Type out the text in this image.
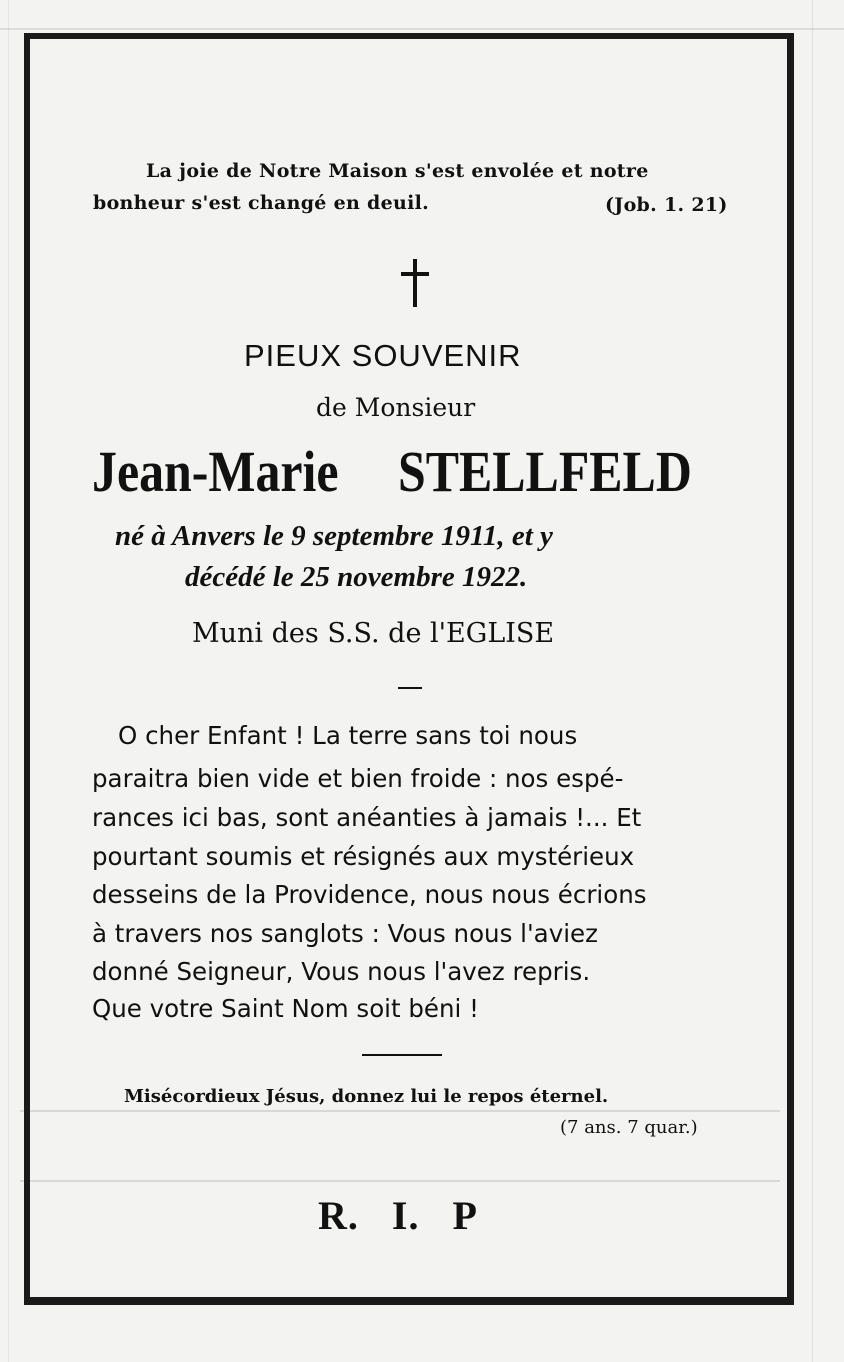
La joie de Notre Maison s'est envolée et notre

bonheur s'est changé en deuil.	(Job. 1. 21)

PIEUX SOUVENIR

de Monsieur

Jean-Marie STELLFELD

né à Anvers le 9 septembre 1911, et y

décédé le 25 novembre 1922.

Muni des S.S. de l'EGLISE

O cher Enfant ! La terre sans toi nous

paraitra bien vide et bien froide : nos espé-

rances ici bas, sont anéanties à jamais !... Et

pourtant soumis et résignés aux mystérieux

desseins de la Providence, nous nous écrions

à travers nos sanglots : Vous nous l'aviez

donné Seigneur, Vous nous l'avez repris.

Que votre Saint Nom soit béni !

Misécordieux Jésus, donnez lui le repos éternel.

(7 ans. 7 quar.)

R.   I.   P
